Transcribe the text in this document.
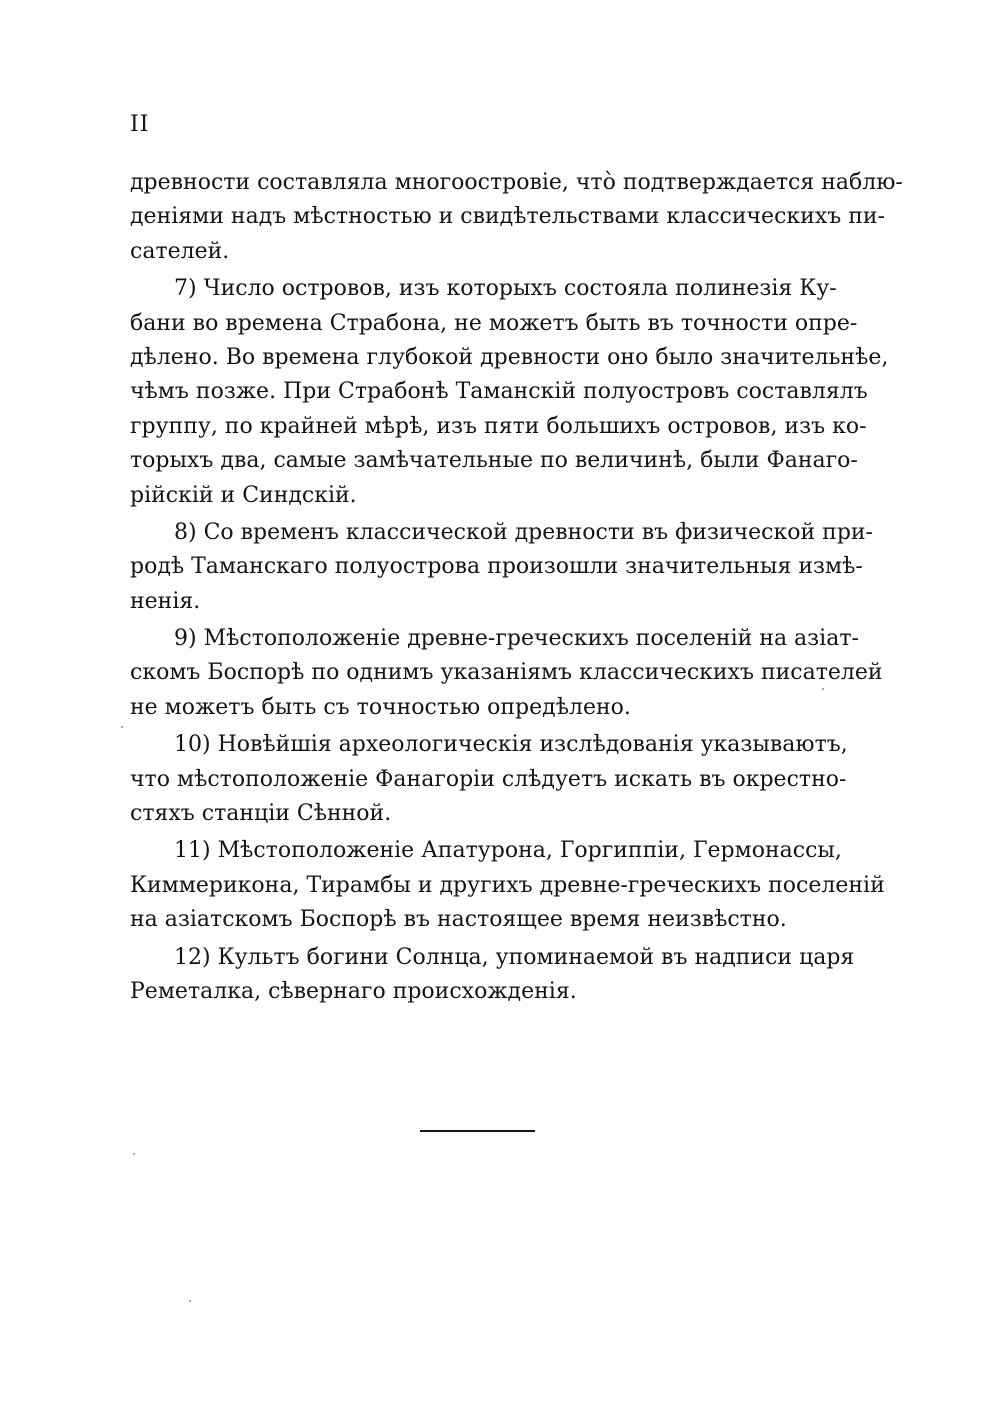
II
древности составляла многоостровіе, что̀ подтверждается наблю-
деніями надъ мѣстностью и свидѣтельствами классическихъ пи-
сателей.
7) Число островов, изъ которыхъ состояла полинезія Ку-
бани во времена Страбона, не можетъ быть въ точности опре-
дѣлено. Во времена глубокой древности оно было значительнѣе,
чѣмъ позже. При Страбонѣ Таманскій полуостровъ составлялъ
группу, по крайней мѣрѣ, изъ пяти большихъ островов, изъ ко-
торыхъ два, самые замѣчательные по величинѣ, были Фанаго-
рійскій и Синдскій.
8) Со временъ классической древности въ физической при-
родѣ Таманскаго полуострова произошли значительныя измѣ-
ненія.
9) Мѣстоположеніе древне-греческихъ поселеній на азіат-
скомъ Боспорѣ по однимъ указаніямъ классическихъ писателей
не можетъ быть съ точностью опредѣлено.
10) Новѣйшія археологическія изслѣдованія указываютъ,
что мѣстоположеніе Фанагоріи слѣдуетъ искать въ окрестно-
стяхъ станціи Сѣнной.
11) Мѣстоположеніе Апатурона, Горгиппіи, Гермонассы,
Киммерикона, Тирамбы и другихъ древне-греческихъ поселеній
на азіатскомъ Боспорѣ въ настоящее время неизвѣстно.
12) Культъ богини Солнца, упоминаемой въ надписи царя
Реметалка, сѣвернаго происхожденія.
